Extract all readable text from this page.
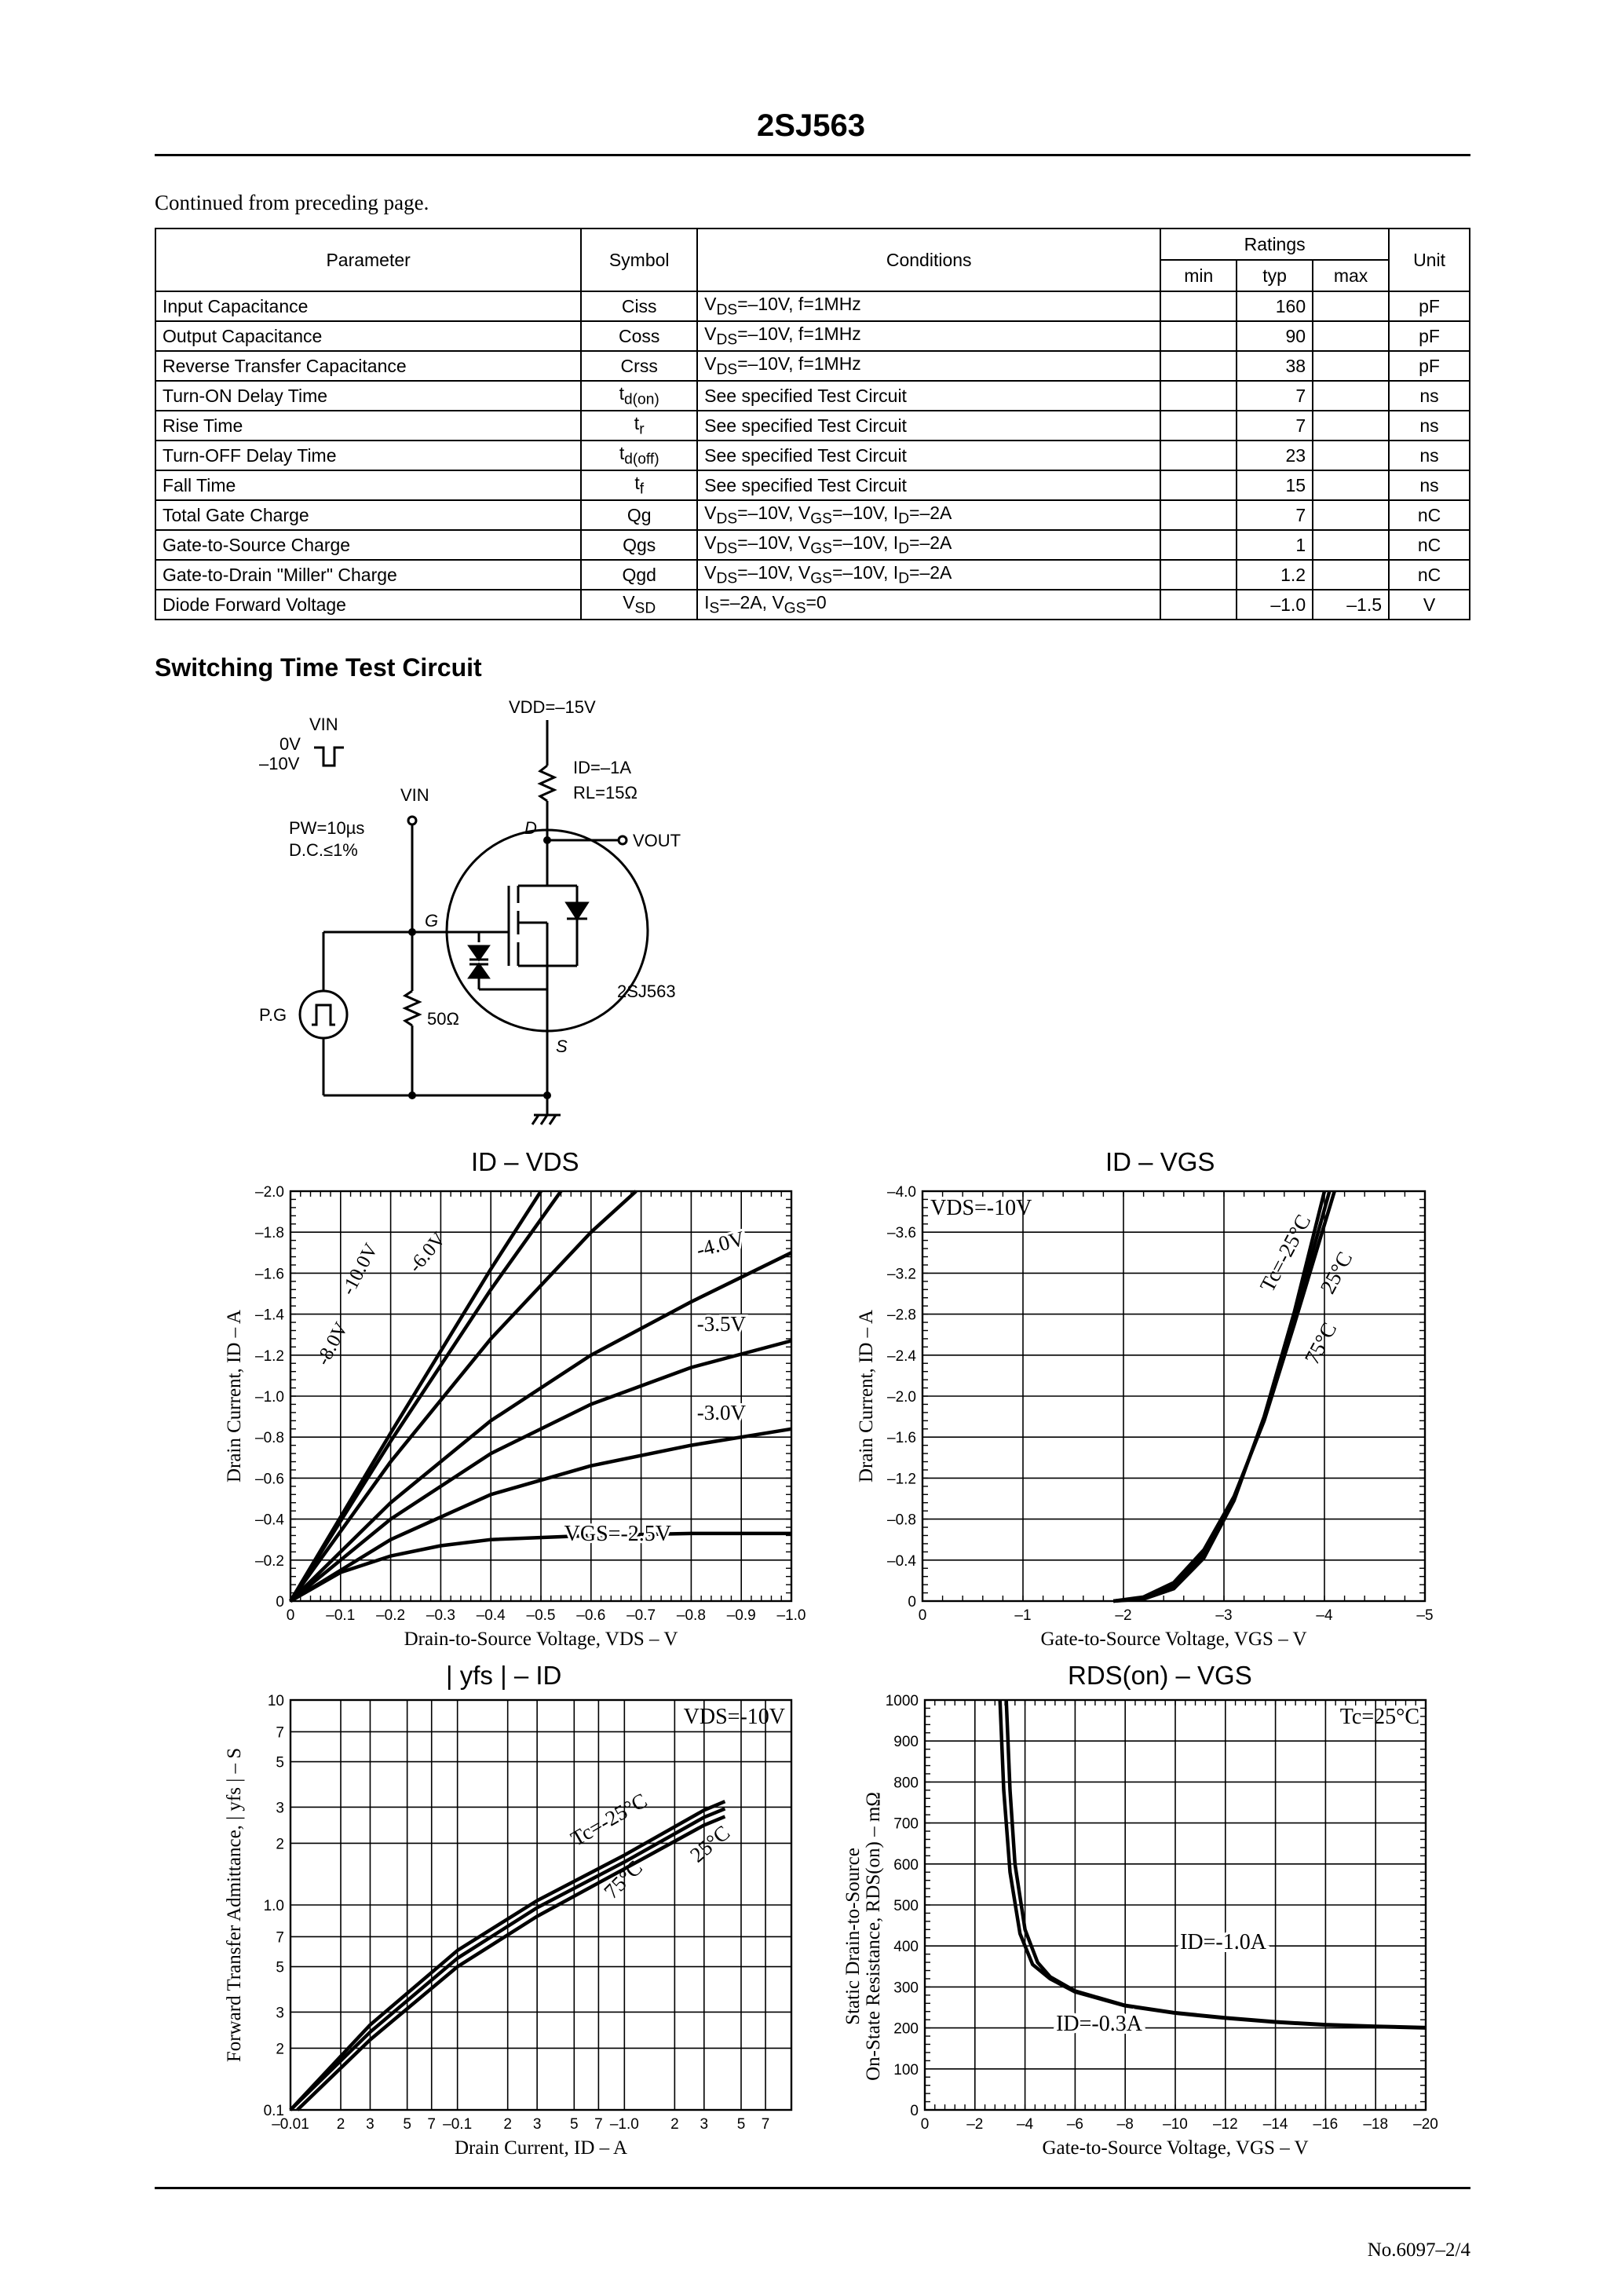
2SJ563
Continued from preceding page.
Parameter	Symbol	Conditions	Ratings			Unit
			min	typ	max	
Input Capacitance	Ciss	$V_{DS}=-10V$, f=1MHz		160		pF
Output Capacitance	Coss	$V_{DS}=-10V$, f=1MHz		90		pF
Reverse Transfer Capacitance	Crss	$V_{DS}=-10V$, f=1MHz		38		pF
Turn-ON Delay Time	$t_{d(on)}$	See specified Test Circuit		7		ns
Rise Time	$t_r$	See specified Test Circuit		7		ns
Turn-OFF Delay Time	$t_{d(off)}$	See specified Test Circuit		23		ns
Fall Time	$t_f$	See specified Test Circuit		15		ns
Total Gate Charge	Qg	$V_{DS}=-10V$, $V_{GS}=-10V$, $I_D=-2A$		7		nC
Gate-to-Source Charge	Qgs	$V_{DS}=-10V$, $V_{GS}=-10V$, $I_D=-2A$		1		nC
Gate-to-Drain "Miller" Charge	Qgd	$V_{DS}=-10V$, $V_{GS}=-10V$, $I_D=-2A$		1.2		nC
Diode Forward Voltage	$V_{SD}$	$I_S=-2A$, $V_{GS}=0$		–1.0	–1.5	V
Switching Time Test Circuit
VDD=–15V
VIN
0V
–10V
VIN
PW=10µs
D.C.≤1%
ID=–1A
RL=15Ω
D
VOUT
G
S
2SJ563
P.G	50Ω
ID – VDS
0 –0.1 –0.2 –0.3 –0.4 –0.5 –0.6 –0.7 –0.8 –0.9 –1.0
0
–0.2
–0.4
–0.6
–0.8
–1.0
–1.2
–1.4
–1.6
–1.8
–2.0
Drain-to-Source Voltage, VDS – V
Drain Current, ID – A
-10.0V
-8.0V
-6.0V	-4.0V
-3.5V
-3.0V
VGS=-2.5V
ID – VGS
0	–1	–2	–3	–4	–5
0
–0.4
–0.8
–1.2
–1.6
–2.0
–2.4
–2.8
–3.2
–3.6
–4.0
Gate-to-Source Voltage, VGS – V
Drain Current, ID – A
VDS=-10V
Tc=-25°C 25°C
75°C
| yfs | – ID
–0.01 2 3 5 7 –0.1 2 3 5 7 –1.0 2 3 5 7
0.1
2
3
5
7
1.0
2
3
5
7
10
Drain Current, ID – A
Forward Transfer Admittance, | yfs | – S
VDS=-10V
Tc=-25°C 25°C
75°C
RDS(on) – VGS
0	–2 –4 –6 –8 –10 –12 –14 –16 –18 –20
0
100
200
300
400
500
600
700
800
900
1000
Gate-to-Source Voltage, VGS – V
Static Drain-to-Source On-State Resistance, RDS(on) – mΩ
Tc=25°C
ID=-1.0A
ID=-0.3A
No.6097–2/4
